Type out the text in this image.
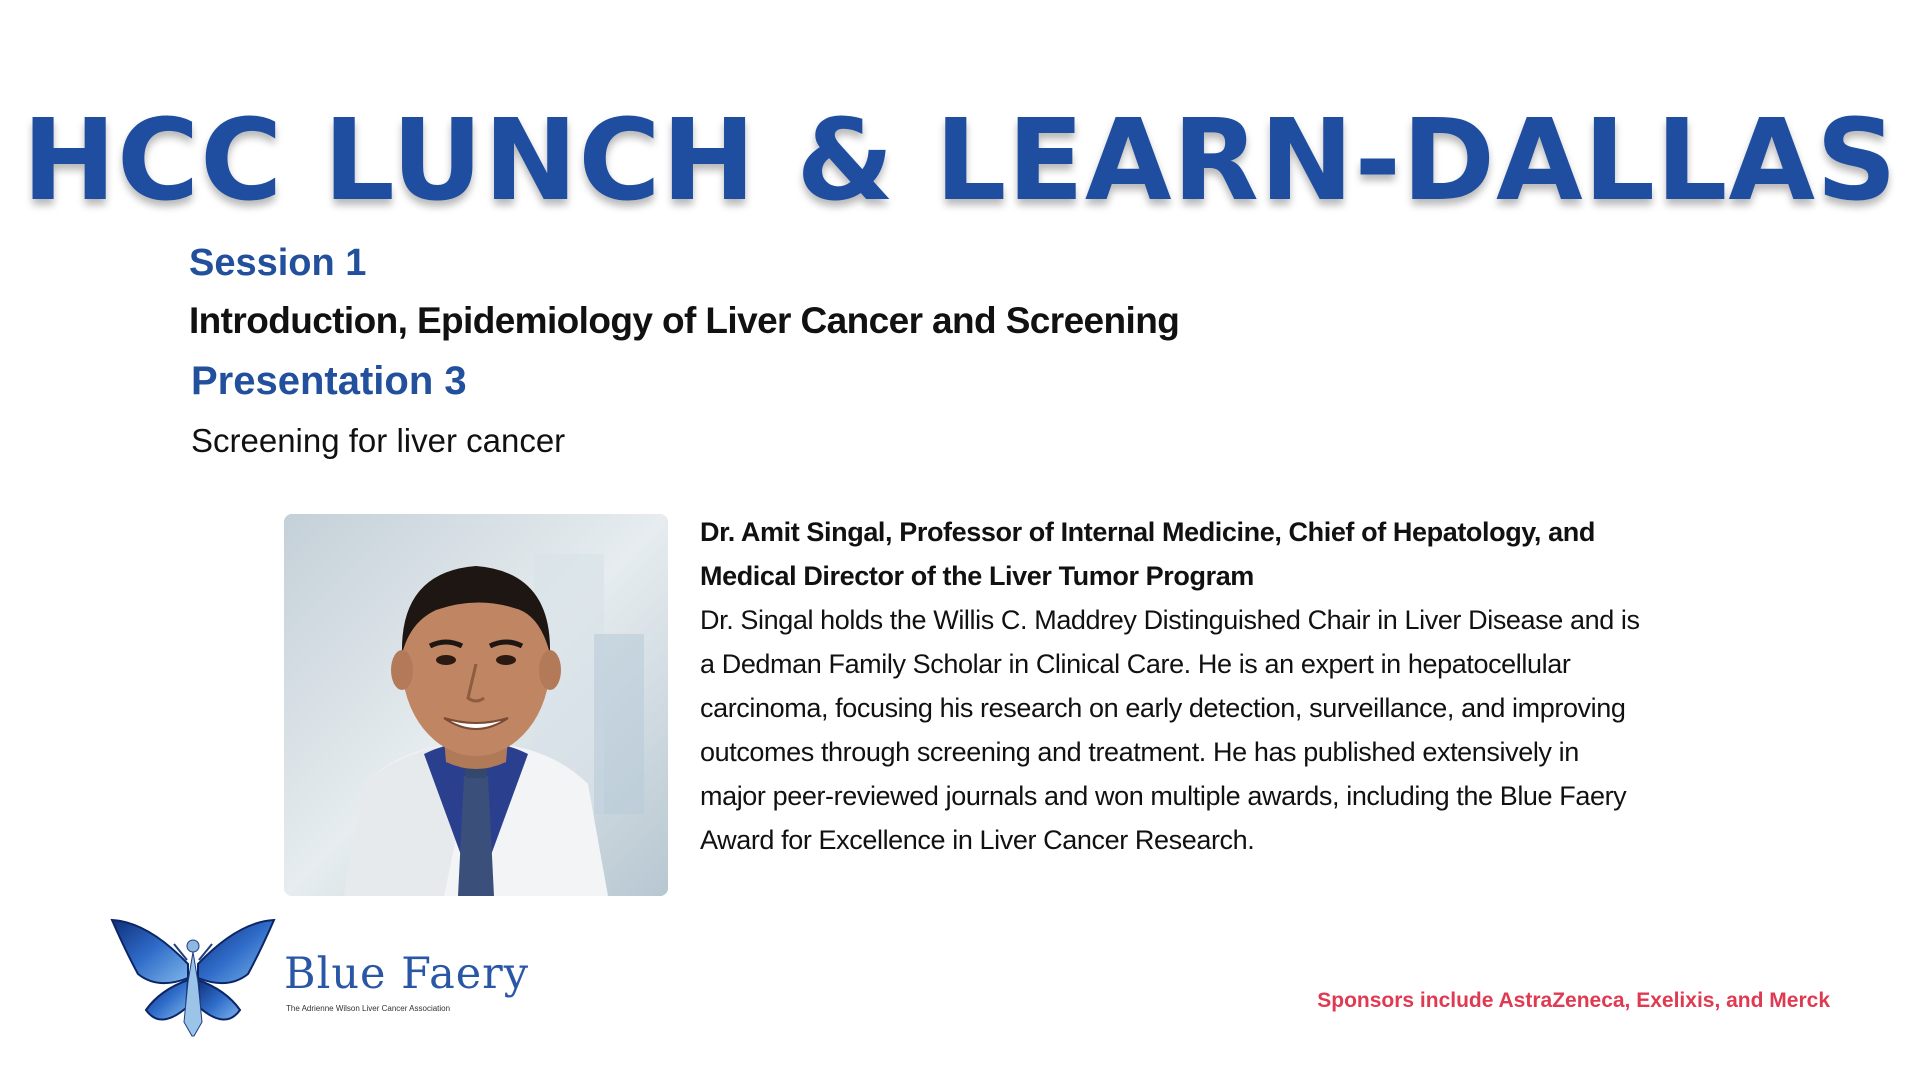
HCC LUNCH & LEARN-DALLAS
Session 1
Introduction, Epidemiology of Liver Cancer and Screening
Presentation 3

Screening for liver cancer

Dr. Amit Singal, Professor of Internal Medicine, Chief of Hepatology, and

Medical Director of the Liver Tumor Program

Dr. Singal holds the Willis C. Maddrey Distinguished Chair in Liver Disease and is a Dedman Family Scholar in Clinical Care. He is an expert in hepatocellular carcinoma, focusing his research on early detection, surveillance, and improving outcomes through screening and treatment. He has published extensively in major peer-reviewed journals and won multiple awards, including the Blue Faery Award for Excellence in Liver Cancer Research.

Blue Faery
The Adrienne Wilson Liver Cancer Association	Sponsors include AstraZeneca, Exelixis, and Merck
